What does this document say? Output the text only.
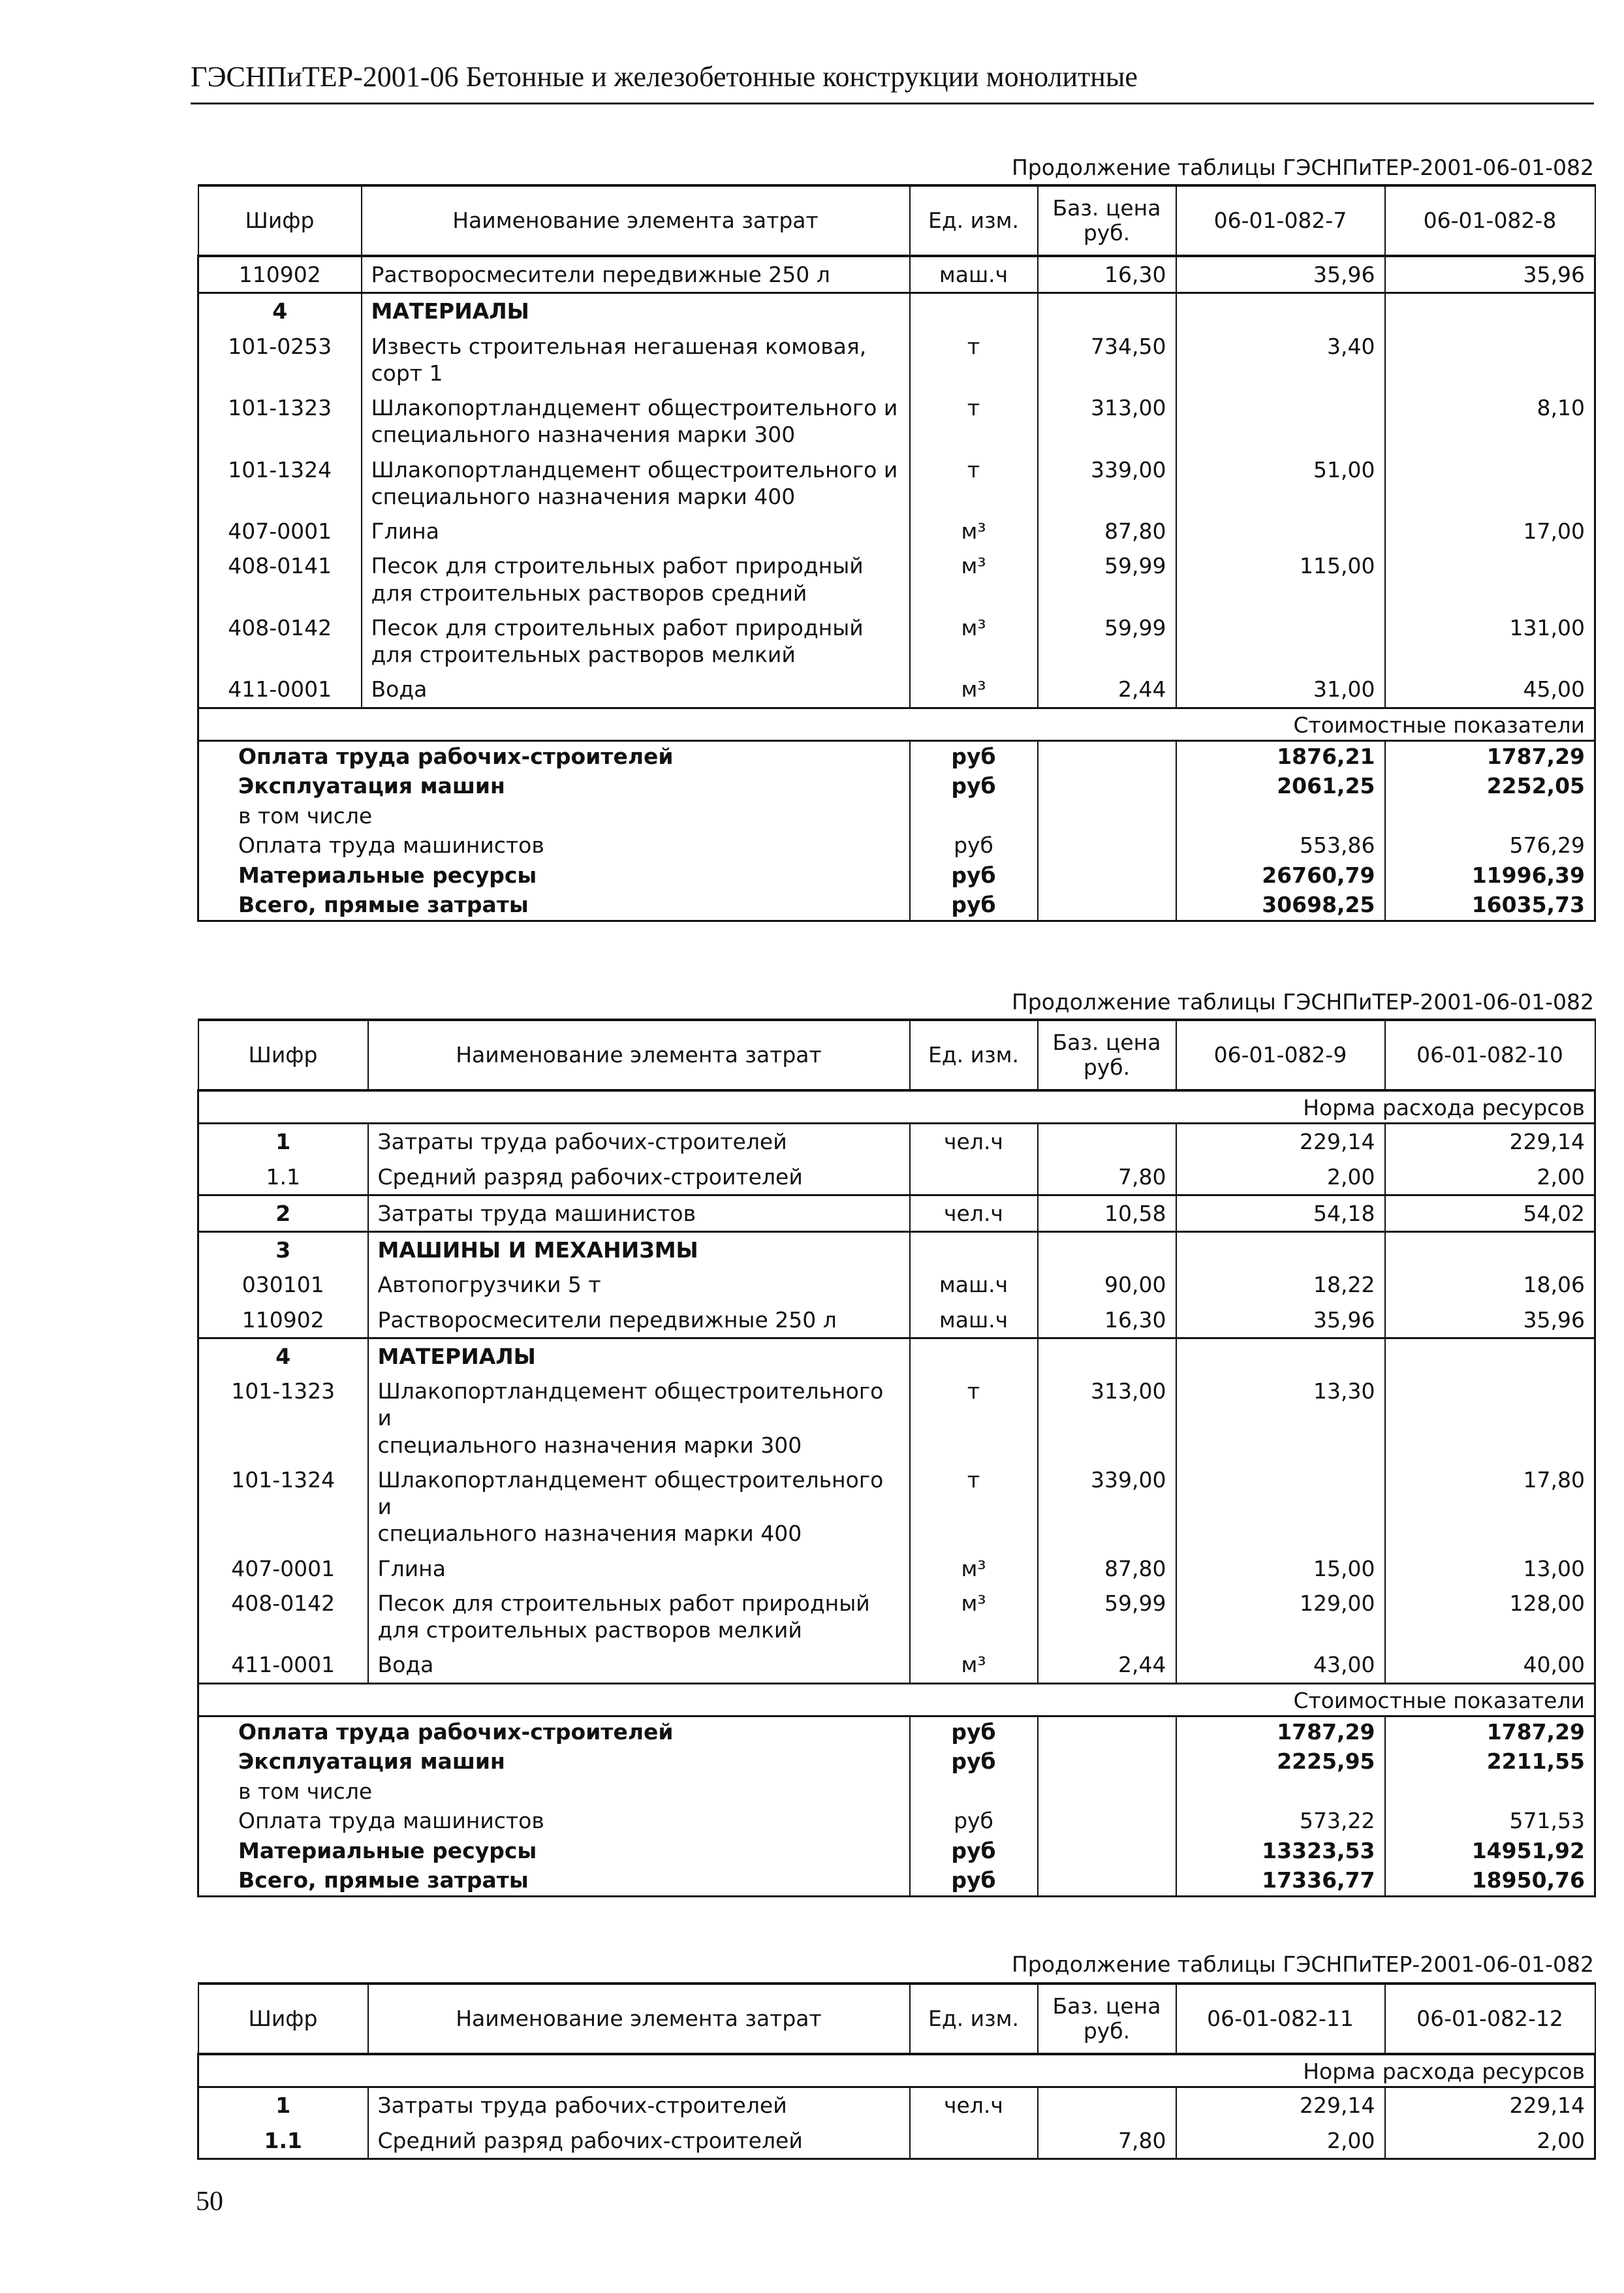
ГЭСНПиТЕР-2001-06 Бетонные и железобетонные конструкции монолитные
Продолжение таблицы ГЭСНПиТЕР-2001-06-01-082
Шифр	Наименование элемента затрат	Ед. изм.	Баз. цена
руб.	06-01-082-7	06-01-082-8
110902	Растворосмесители передвижные 250 л	маш.ч	16,30	35,96	35,96
4	МАТЕРИАЛЫ				
101-0253	Известь строительная негашеная комовая,
сорт 1	т	734,50	3,40	
101-1323	Шлакопортландцемент общестроительного и
специального назначения марки 300	т	313,00		8,10
101-1324	Шлакопортландцемент общестроительного и
специального назначения марки 400	т	339,00	51,00	
407-0001	Глина	м³	87,80		17,00
408-0141	Песок для строительных работ природный
для строительных растворов средний	м³	59,99	115,00	
408-0142	Песок для строительных работ природный
для строительных растворов мелкий	м³	59,99		131,00
411-0001	Вода	м³	2,44	31,00	45,00
Стоимостные показатели					
Оплата труда рабочих-строителей		руб		1876,21	1787,29
Эксплуатация машин		руб		2061,25	2252,05
в том числе					
Оплата труда машинистов		руб		553,86	576,29
Материальные ресурсы		руб		26760,79	11996,39
Всего, прямые затраты		руб		30698,25	16035,73
Продолжение таблицы ГЭСНПиТЕР-2001-06-01-082
Шифр	Наименование элемента затрат	Ед. изм.	Баз. цена
руб.	06-01-082-9	06-01-082-10
Норма расхода ресурсов					
1	Затраты труда рабочих-строителей	чел.ч		229,14	229,14
1.1	Средний разряд рабочих-строителей		7,80	2,00	2,00
2	Затраты труда машинистов	чел.ч	10,58	54,18	54,02
3	МАШИНЫ И МЕХАНИЗМЫ				
030101	Автопогрузчики 5 т	маш.ч	90,00	18,22	18,06
110902	Растворосмесители передвижные 250 л	маш.ч	16,30	35,96	35,96
4	МАТЕРИАЛЫ				
101-1323	Шлакопортландцемент общестроительного и
специального назначения марки 300	т	313,00	13,30	
101-1324	Шлакопортландцемент общестроительного и
специального назначения марки 400	т	339,00		17,80
407-0001	Глина	м³	87,80	15,00	13,00
408-0142	Песок для строительных работ природный
для строительных растворов мелкий	м³	59,99	129,00	128,00
411-0001	Вода	м³	2,44	43,00	40,00
Стоимостные показатели					
Оплата труда рабочих-строителей		руб		1787,29	1787,29
Эксплуатация машин		руб		2225,95	2211,55
в том числе					
Оплата труда машинистов		руб		573,22	571,53
Материальные ресурсы		руб		13323,53	14951,92
Всего, прямые затраты		руб		17336,77	18950,76
Продолжение таблицы ГЭСНПиТЕР-2001-06-01-082
Шифр	Наименование элемента затрат	Ед. изм.	Баз. цена
руб.	06-01-082-11	06-01-082-12
Норма расхода ресурсов					
1	Затраты труда рабочих-строителей	чел.ч		229,14	229,14
1.1	Средний разряд рабочих-строителей		7,80	2,00	2,00
50
